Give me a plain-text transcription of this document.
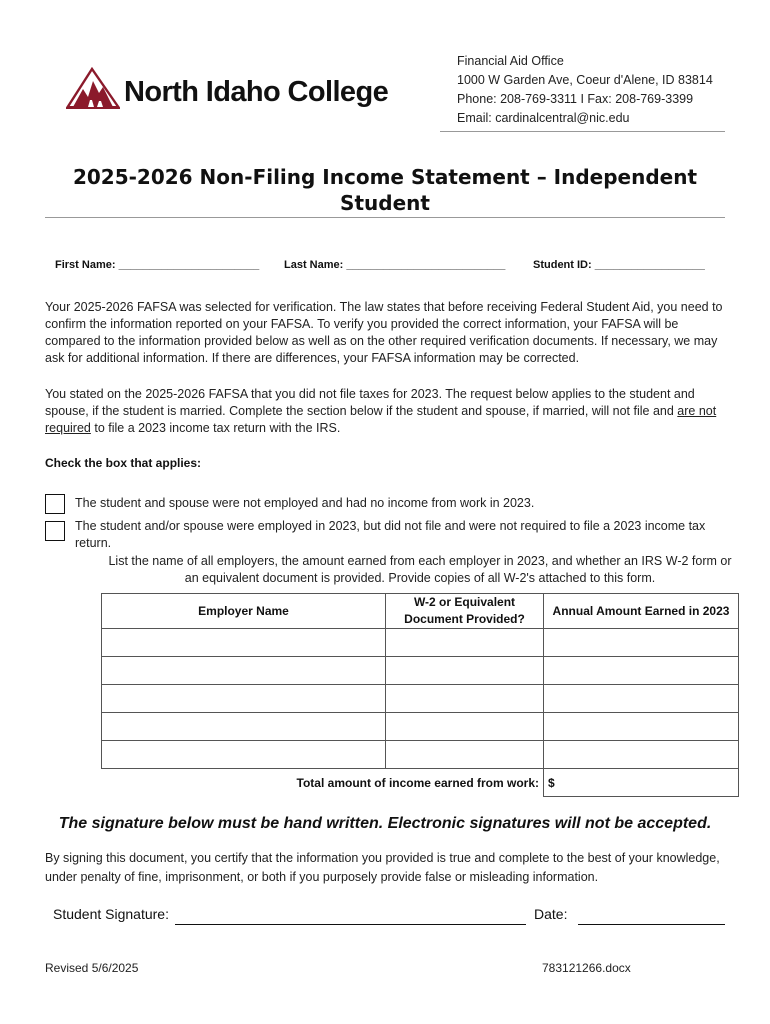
North Idaho College
Financial Aid Office
1000 W Garden Ave, Coeur d'Alene, ID 83814
Phone: 208-769-3311 I Fax: 208-769-3399
Email: cardinalcentral@nic.edu
2025-2026 Non-Filing Income Statement – Independent Student
First Name: _______________________ Last Name: __________________________	Student ID: __________________
Your 2025-2026 FAFSA was selected for verification. The law states that before receiving Federal Student Aid, you need to confirm the information reported on your FAFSA. To verify you provided the correct information, your FAFSA will be compared to the information provided below as well as on the other required verification documents. If necessary, we may ask for additional information. If there are differences, your FAFSA information may be corrected.
You stated on the 2025-2026 FAFSA that you did not file taxes for 2023. The request below applies to the student and spouse, if the student is married. Complete the section below if the student and spouse, if married, will not file and are not required to file a 2023 income tax return with the IRS.
Check the box that applies:
The student and spouse were not employed and had no income from work in 2023.
The student and/or spouse were employed in 2023, but did not file and were not required to file a 2023 income tax return.
List the name of all employers, the amount earned from each employer in 2023, and whether an IRS W-2 form or an equivalent document is provided. Provide copies of all W-2's attached to this form.
Employer Name	W-2 or Equivalent Document Provided?	Annual Amount Earned in 2023

Total amount of income earned from work:		$
The signature below must be hand written. Electronic signatures will not be accepted.
By signing this document, you certify that the information you provided is true and complete to the best of your knowledge, under penalty of fine, imprisonment, or both if you purposely provide false or misleading information.
Student Signature:	Date:
Revised 5/6/2025	783121266.docx
